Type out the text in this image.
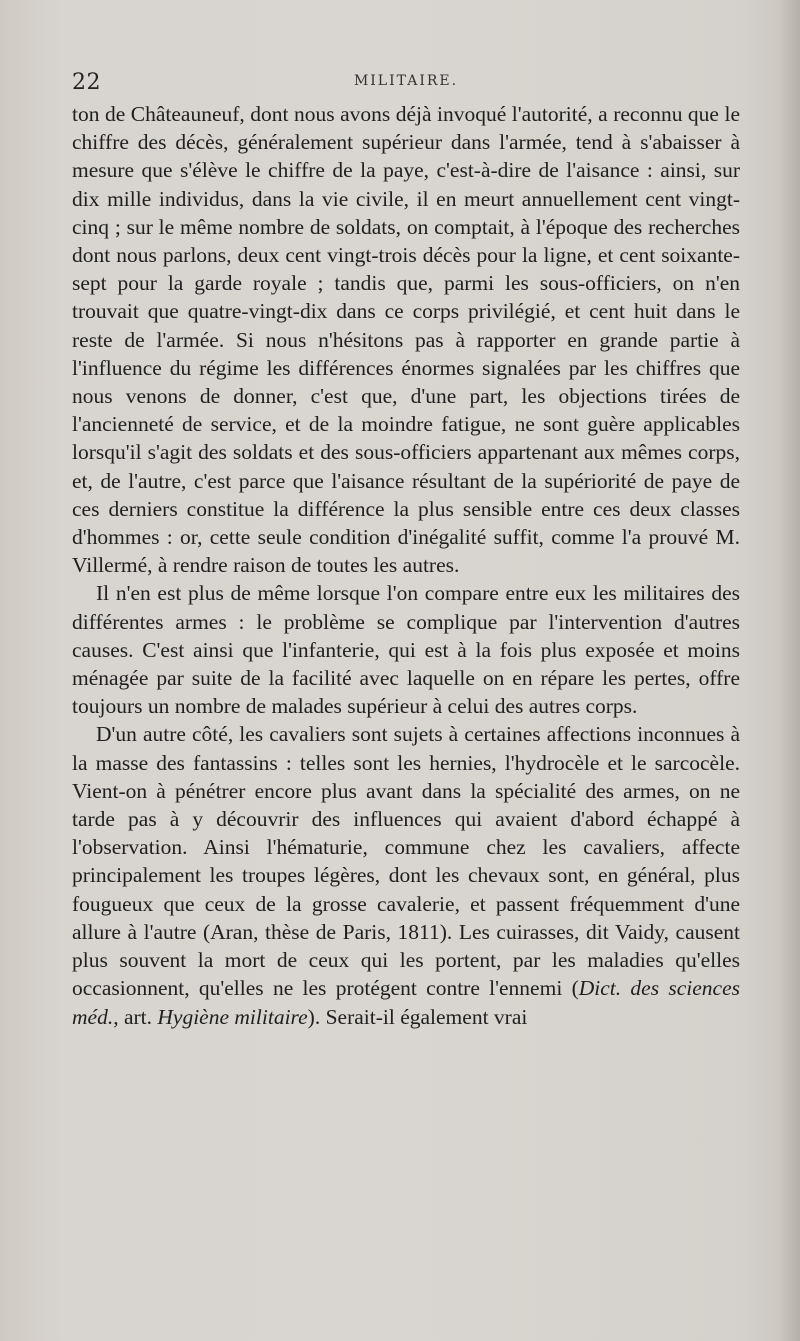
22	MILITAIRE.

ton de Châteauneuf, dont nous avons déjà invoqué l'autorité, a reconnu que le chiffre des décès, généralement supérieur dans l'armée, tend à s'abaisser à mesure que s'élève le chiffre de la paye, c'est-à-dire de l'aisance : ainsi, sur dix mille individus, dans la vie civile, il en meurt annuellement cent vingt-cinq ; sur le même nombre de soldats, on comptait, à l'époque des recherches dont nous parlons, deux cent vingt-trois décès pour la ligne, et cent soixante-sept pour la garde royale ; tandis que, parmi les sous-officiers, on n'en trouvait que quatre-vingt-dix dans ce corps privilégié, et cent huit dans le reste de l'armée. Si nous n'hésitons pas à rapporter en grande partie à l'influence du régime les différences énormes signalées par les chiffres que nous venons de donner, c'est que, d'une part, les objections tirées de l'ancienneté de service, et de la moindre fatigue, ne sont guère applicables lorsqu'il s'agit des soldats et des sous-officiers appartenant aux mêmes corps, et, de l'autre, c'est parce que l'aisance résultant de la supériorité de paye de ces derniers constitue la différence la plus sensible entre ces deux classes d'hommes : or, cette seule condition d'inégalité suffit, comme l'a prouvé M. Villermé, à rendre raison de toutes les autres.

Il n'en est plus de même lorsque l'on compare entre eux les militaires des différentes armes : le problème se complique par l'intervention d'autres causes. C'est ainsi que l'infanterie, qui est à la fois plus exposée et moins ménagée par suite de la facilité avec laquelle on en répare les pertes, offre toujours un nombre de malades supérieur à celui des autres corps.

D'un autre côté, les cavaliers sont sujets à certaines affections inconnues à la masse des fantassins : telles sont les hernies, l'hydrocèle et le sarcocèle. Vient-on à pénétrer encore plus avant dans la spécialité des armes, on ne tarde pas à y découvrir des influences qui avaient d'abord échappé à l'observation. Ainsi l'hématurie, commune chez les cavaliers, affecte principalement les troupes légères, dont les chevaux sont, en général, plus fougueux que ceux de la grosse cavalerie, et passent fréquemment d'une allure à l'autre (Aran, thèse de Paris, 1811). Les cuirasses, dit Vaidy, causent plus souvent la mort de ceux qui les portent, par les maladies qu'elles occasionnent, qu'elles ne les protégent contre l'ennemi (Dict. des sciences méd., art. Hygiène militaire). Serait-il également vrai
